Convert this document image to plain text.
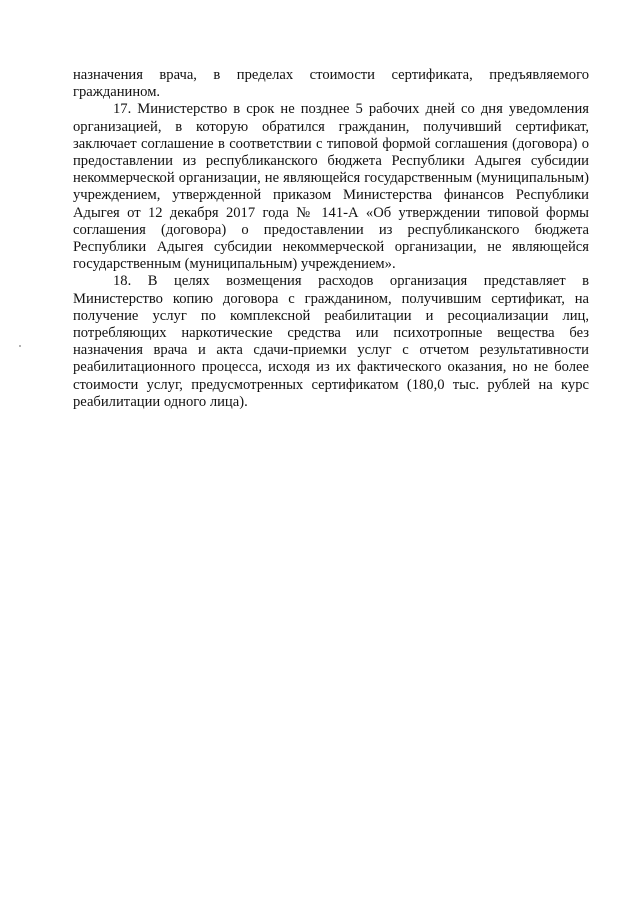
назначения врача, в пределах стоимости сертификата, предъявляемого гражданином.

17. Министерство в срок не позднее 5 рабочих дней со дня уведомления организацией, в которую обратился гражданин, получивший сертификат, заключает соглашение в соответствии с типовой формой соглашения (договора) о предоставлении из республиканского бюджета Республики Адыгея субсидии некоммерческой организации, не являющейся государственным (муниципальным) учреждением, утвержденной приказом Министерства финансов Республики Адыгея от 12 декабря 2017 года № 141-А «Об утверждении типовой формы соглашения (договора) о предоставлении из республиканского бюджета Республики Адыгея субсидии некоммерческой организации, не являющейся государственным (муниципальным) учреждением».

18. В целях возмещения расходов организация представляет в Министерство копию договора с гражданином, получившим сертификат, на получение услуг по комплексной реабилитации и ресоциализации лиц, потребляющих наркотические средства или психотропные вещества без назначения врача и акта сдачи-приемки услуг с отчетом результативности реабилитационного процесса, исходя из их фактического оказания, но не более стоимости услуг, предусмотренных сертификатом (180,0 тыс. рублей на курс реабилитации одного лица).
